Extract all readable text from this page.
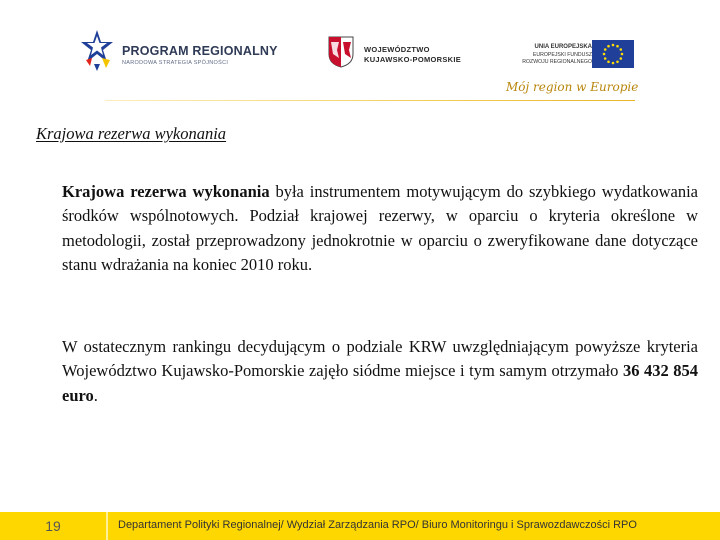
PROGRAM REGIONALNY
NARODOWA STRATEGIA SPÓJNOŚCI
WOJEWÓDZTWO
KUJAWSKO-POMORSKIE
UNIA EUROPEJSKA
EUROPEJSKI FUNDUSZ
ROZWOJU REGIONALNEGO
Mój region w Europie
Krajowa rezerwa wykonania

Krajowa rezerwa wykonania była instrumentem motywującym do szybkiego wydatkowania środków wspólnotowych. Podział krajowej rezerwy, w oparciu o kryteria określone w metodologii, został przeprowadzony jednokrotnie w oparciu o zweryfikowane dane dotyczące stanu wdrażania na koniec 2010 roku.

W ostatecznym rankingu decydującym o podziale KRW uwzględniającym powyższe kryteria Województwo Kujawsko-Pomorskie zajęło siódme miejsce i tym samym otrzymało 36 432 854 euro.

19	Departament Polityki Regionalnej/ Wydział Zarządzania RPO/ Biuro Monitoringu i Sprawozdawczości RPO
